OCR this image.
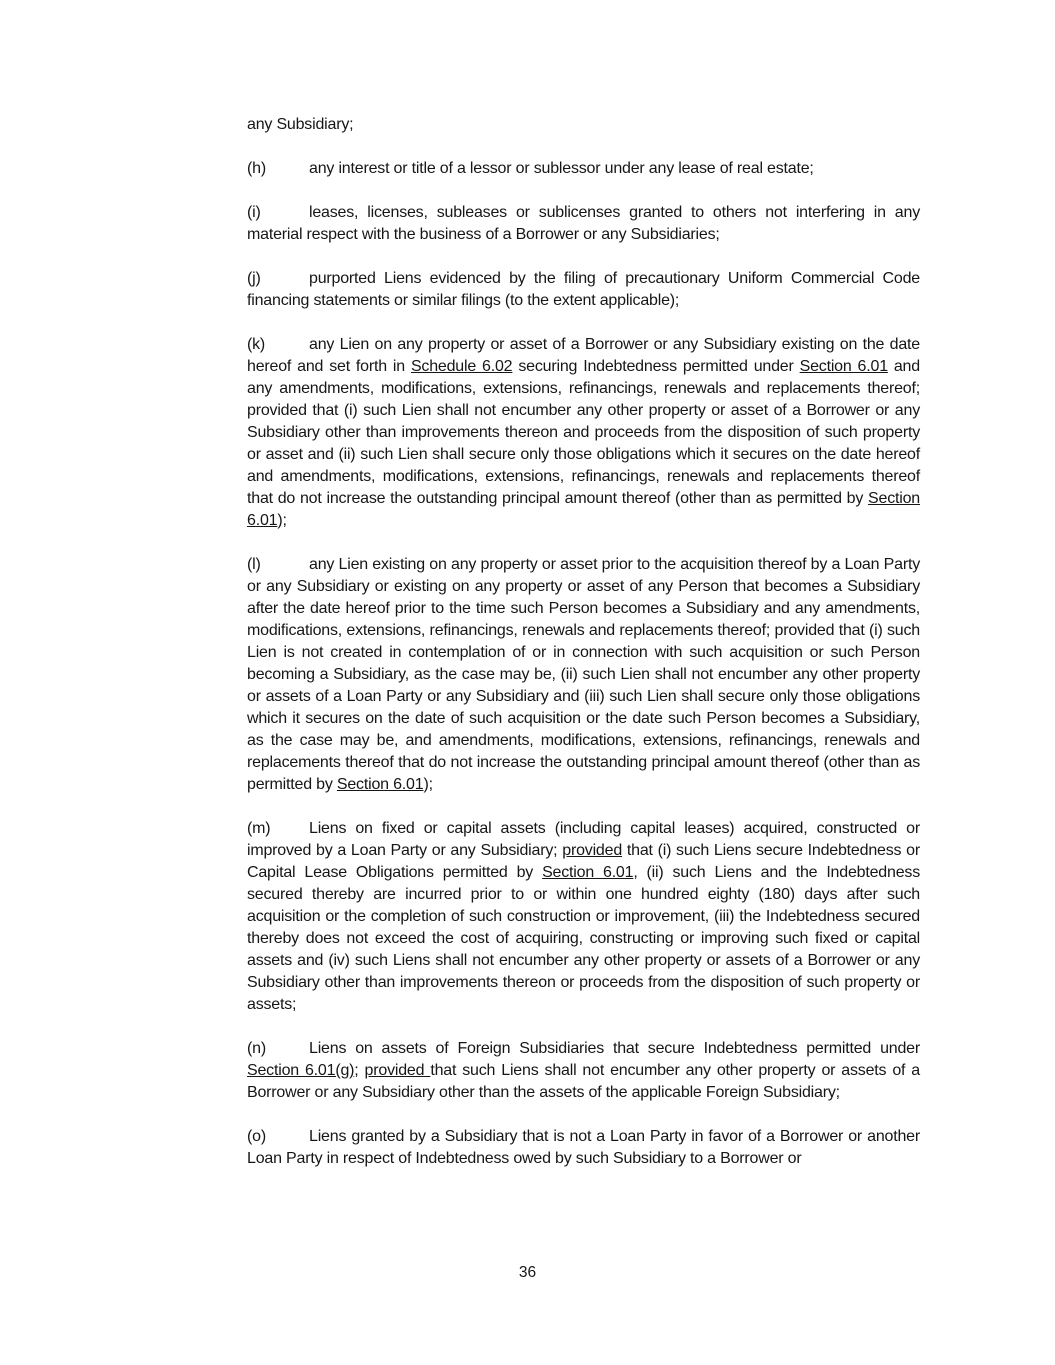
any Subsidiary;

(h)	any interest or title of a lessor or sublessor under any lease of real estate;

(i)	leases, licenses, subleases or sublicenses granted to others not interfering in any material respect with the business of a Borrower or any Subsidiaries;

(j)	purported Liens evidenced by the filing of precautionary Uniform Commercial Code financing statements or similar filings (to the extent applicable);

(k)	any Lien on any property or asset of a Borrower or any Subsidiary existing on the date hereof and set forth in Schedule 6.02 securing Indebtedness permitted under Section 6.01 and any amendments, modifications, extensions, refinancings, renewals and replacements thereof; provided that (i) such Lien shall not encumber any other property or asset of a Borrower or any Subsidiary other than improvements thereon and proceeds from the disposition of such property or asset and (ii) such Lien shall secure only those obligations which it secures on the date hereof and amendments, modifications, extensions, refinancings, renewals and replacements thereof that do not increase the outstanding principal amount thereof (other than as permitted by Section 6.01);

(l)	any Lien existing on any property or asset prior to the acquisition thereof by a Loan Party or any Subsidiary or existing on any property or asset of any Person that becomes a Subsidiary after the date hereof prior to the time such Person becomes a Subsidiary and any amendments, modifications, extensions, refinancings, renewals and replacements thereof; provided that (i) such Lien is not created in contemplation of or in connection with such acquisition or such Person becoming a Subsidiary, as the case may be, (ii) such Lien shall not encumber any other property or assets of a Loan Party or any Subsidiary and (iii) such Lien shall secure only those obligations which it secures on the date of such acquisition or the date such Person becomes a Subsidiary, as the case may be, and amendments, modifications, extensions, refinancings, renewals and replacements thereof that do not increase the outstanding principal amount thereof (other than as permitted by Section 6.01);

(m) Liens on fixed or capital assets (including capital leases) acquired, constructed or improved by a Loan Party or any Subsidiary; provided that (i) such Liens secure Indebtedness or Capital Lease Obligations permitted by Section 6.01, (ii) such Liens and the Indebtedness secured thereby are incurred prior to or within one hundred eighty (180) days after such acquisition or the completion of such construction or improvement, (iii) the Indebtedness secured thereby does not exceed the cost of acquiring, constructing or improving such fixed or capital assets and (iv) such Liens shall not encumber any other property or assets of a Borrower or any Subsidiary other than improvements thereon or proceeds from the disposition of such property or assets;

(n)	Liens on assets of Foreign Subsidiaries that secure Indebtedness permitted under Section 6.01(g); provided that such Liens shall not encumber any other property or assets of a Borrower or any Subsidiary other than the assets of the applicable Foreign Subsidiary;

(o)	Liens granted by a Subsidiary that is not a Loan Party in favor of a Borrower or another Loan Party in respect of Indebtedness owed by such Subsidiary to a Borrower or

36
